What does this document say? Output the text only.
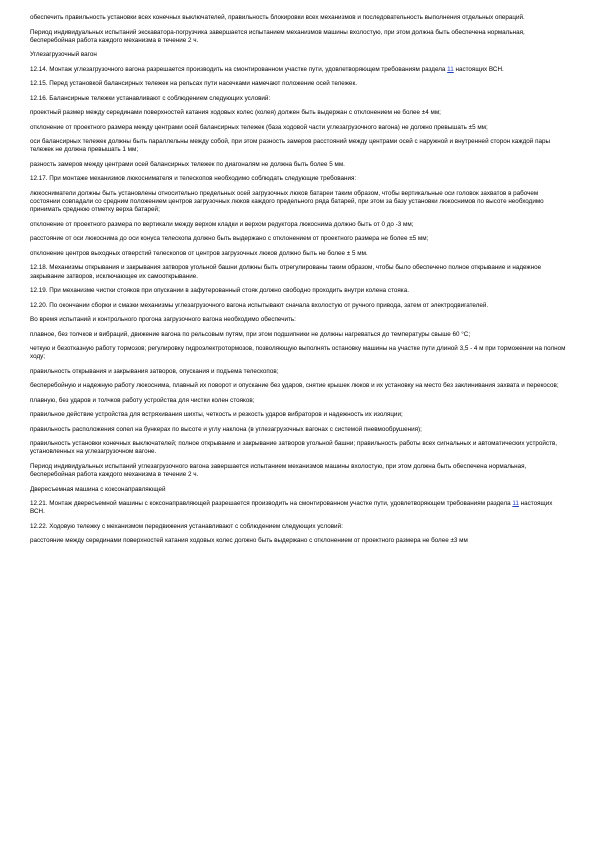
обеспечить правильность установки всех конечных выключателей, правильность блокировки всех механизмов и последовательность выполнения отдельных операций.

Период индивидуальных испытаний экскаватора-погрузчика завершается испытанием механизмов машины вхолостую, при этом должна быть обеспечена нормальная, бесперебойная работа каждого механизма в течение 2 ч.

Углезагрузочный вагон

12.14. Монтаж углезагрузочного вагона разрешается производить на смонтированном участке пути, удовлетворяющем требованиям раздела 11 настоящих ВСН.

12.15. Перед установкой балансирных тележек на рельсах пути насечками намечают положение осей тележек.

12.16. Балансирные тележки устанавливают с соблюдением следующих условий:

проектный размер между серединами поверхностей катания ходовых колес (колея) должен быть выдержан с отклонением не более ±4 мм;

отклонение от проектного размера между центрами осей балансирных тележек (база ходовой части углезагрузочного вагона) не должно превышать ±5 мм;

оси балансирных тележек должны быть параллельны между собой, при этом разность замеров расстояний между центрами осей с наружной и внутренней сторон каждой пары тележек не должна превышать 1 мм;

разность замеров между центрами осей балансирных тележек по диагоналям не должна быть более 5 мм.

12.17. При монтаже механизмов люкоснимателя и телескопов необходимо соблюдать следующие требования:

люкосниматели должны быть установлены относительно предельных осей загрузочных люков батареи таким образом, чтобы вертикальные оси головок захватов в рабочем состоянии совпадали со средним положением центров загрузочных люков каждого предельного ряда батарей, при этом за базу установки люкоснимов по высоте необходимо принимать среднюю отметку верха батарей;

отклонение от проектного размера по вертикали между верхом кладки и верхом редуктора люкоснима должно быть от 0 до -3 мм;

расстояние от оси люкоснима до оси конуса телескопа должно быть выдержано с отклонением от проектного размера не более ±5 мм;

отклонение центров выходных отверстий телескопов от центров загрузочных люков должно быть не более ± 5 мм.

12.18. Механизмы открывания и закрывания затворов угольной башни должны быть отрегулированы таким образом, чтобы было обеспечено полное открывание и надежное закрывание затворов, исключающее их самооткрывание.

12.19. При механизме чистки стояков при опускании в зафутерованный стояк должно свободно проходить внутри колена стояка.

12.20. По окончании сборки и смазки механизмы углезагрузочного вагона испытывают сначала вхолостую от ручного привода, затем от электродвигателей.

Во время испытаний и контрольного прогона загрузочного вагона необходимо обеспечить:

плавное, без толчков и вибраций, движение вагона по рельсовым путям, при этом подшипники не должны нагреваться до температуры свыше 60 °С;

четкую и безотказную работу тормозов; регулировку гидроэлектротормозов, позволяющую выполнять остановку машины на участке пути длиной 3,5 - 4 м при торможении на полном ходу;

правильность открывания и закрывания затворов, опускания и подъема телескопов;

бесперебойную и надежную работу люкоснима, плавный их поворот и опускание без ударов, снятие крышек люков и их установку на место без заклинивания захвата и перекосов;

плавную, без ударов и толчков работу устройства для чистки колен стояков;

правильное действие устройства для встряхивания шихты, четкость и резкость ударов вибраторов и надежность их изоляции;

правильность расположения сопел на бункерах по высоте и углу наклона (в углезагрузочных вагонах с системой пневмообрушения);

правильность установки конечных выключателей; полное открывание и закрывание затворов угольной башни; правильность работы всех сигнальных и автоматических устройств, установленных на углезагрузочном вагоне.

Период индивидуальных испытаний углезагрузочного вагона завершается испытанием механизмов машины вхолостую, при этом должна быть обеспечена нормальная, бесперебойная работа каждого механизма в течение 2 ч.

Двересъемная машина с коксонаправляющей

12.21. Монтаж двересъемной машины с коксонаправляющей разрешается производить на смонтированном участке пути, удовлетворяющем требованиям раздела 11 настоящих ВСН.

12.22. Ходовую тележку с механизмом передвижения устанавливают с соблюдением следующих условий:

расстояние между серединами поверхностей катания ходовых колес должно быть выдержано с отклонением от проектного размера не более ±3 мм
